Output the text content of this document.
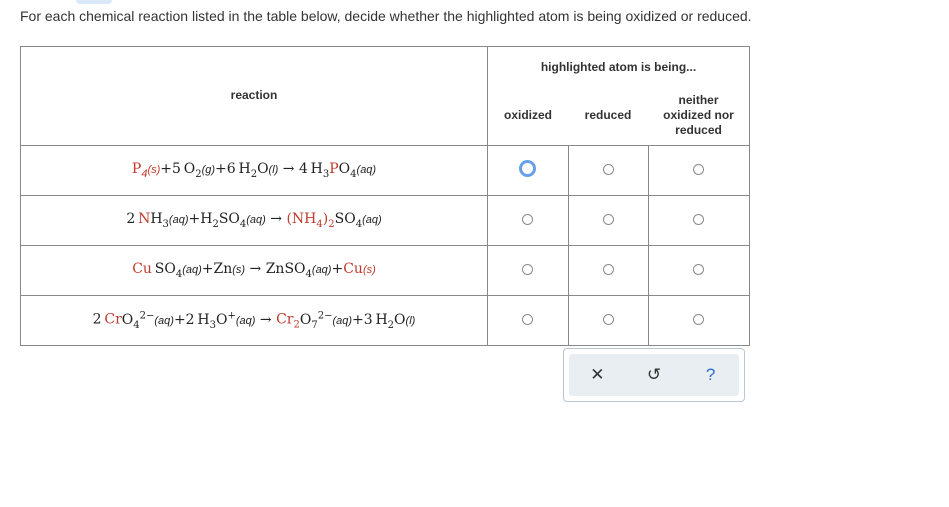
For each chemical reaction listed in the table below, decide whether the highlighted atom is being oxidized or reduced.
reaction	highlighted atom is being...		
	oxidized	reduced	neither
oxidized nor
reduced
$P_4(s)+5$ $O_2(g)+6$ $H_2O(l) \to 4$ $H_3PO_4(aq)$			
2 $NH_3(aq)+H_2SO_4(aq) \to (NH_4)_2SO_4(aq)$			
Cu $SO_4(aq)+Zn(s)$ → ZnSO$_4$(aq)+Cu(s)			
2 CrO$_4^{2-}$(aq)+2 $H_3O^+(aq) \to Cr_2O_7^{2-}(aq)+3$ $H_2O(l)$			
✕	↺	?
